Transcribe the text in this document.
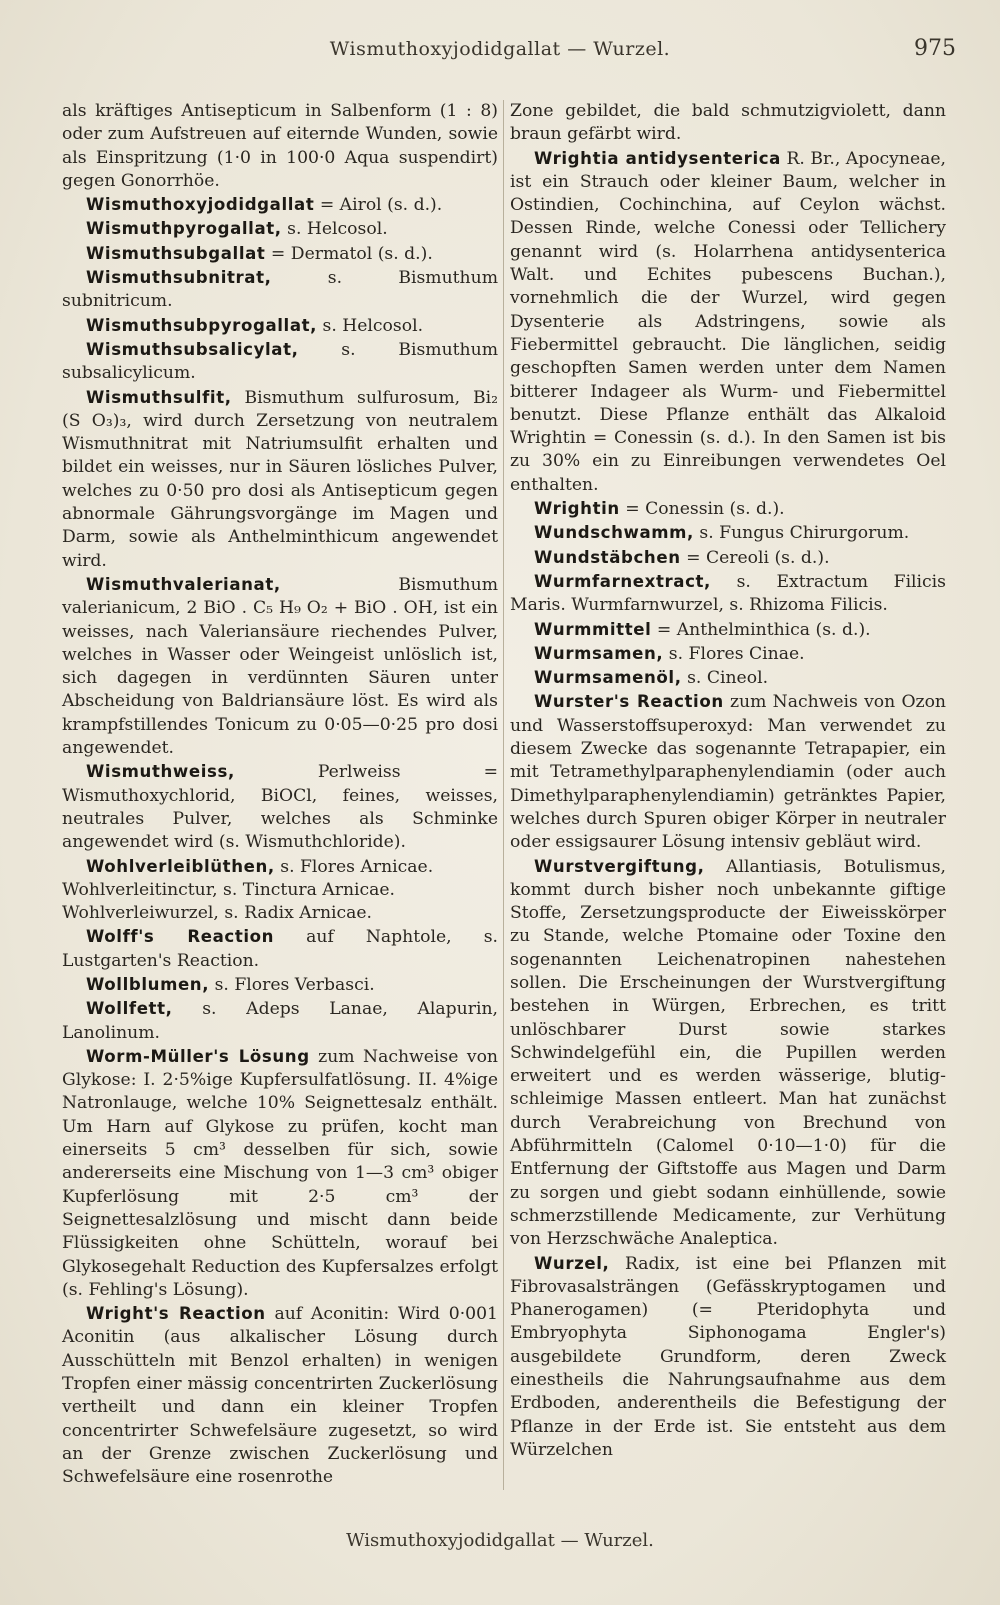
Wismuthoxyjodidgallat — Wurzel.	975

als kräftiges Antisepticum in Salbenform (1 : 8) oder zum Aufstreuen auf eiternde Wunden, sowie als Einspritzung (1·0 in 100·0 Aqua suspendirt) gegen Gonorrhöe.

Wismuthoxyjodidgallat = Airol (s. d.).

Wismuthpyrogallat, s. Helcosol.

Wismuthsubgallat = Dermatol (s. d.).

Wismuthsubnitrat, s. Bismuthum subnitricum.

Wismuthsubpyrogallat, s. Helcosol.

Wismuthsubsalicylat, s. Bismuthum subsalicylicum.

Wismuthsulfit, Bismuthum sulfurosum, Bi₂ (S O₃)₃, wird durch Zersetzung von neutralem Wismuthnitrat mit Natriumsulfit erhalten und bildet ein weisses, nur in Säuren lösliches Pulver, welches zu 0·50 pro dosi als Antisepticum gegen abnormale Gährungsvorgänge im Magen und Darm, sowie als Anthelminthicum angewendet wird.

Wismuthvalerianat, Bismuthum valerianicum, 2 BiO . C₅ H₉ O₂ + BiO . OH, ist ein weisses, nach Valeriansäure riechendes Pulver, welches in Wasser oder Weingeist unlöslich ist, sich dagegen in verdünnten Säuren unter Abscheidung von Baldriansäure löst. Es wird als krampfstillendes Tonicum zu 0·05—0·25 pro dosi angewendet.

Wismuthweiss, Perlweiss = Wismuthoxychlorid, BiOCl, feines, weisses, neutrales Pulver, welches als Schminke angewendet wird (s. Wismuthchloride).

Wohlverleiblüthen, s. Flores Arnicae.

Wohlverleitinctur, s. Tinctura Arnicae.

Wohlverleiwurzel, s. Radix Arnicae.

Wolff's Reaction auf Naphtole, s. Lustgarten's Reaction.

Wollblumen, s. Flores Verbasci.

Wollfett, s. Adeps Lanae, Alapurin, Lanolinum.

Worm-Müller's Lösung zum Nachweise von Glykose: I. 2·5%ige Kupfersulfatlösung. II. 4%ige Natronlauge, welche 10% Seignettesalz enthält. Um Harn auf Glykose zu prüfen, kocht man einerseits 5 cm³ desselben für sich, sowie andererseits eine Mischung von 1—3 cm³ obiger Kupferlösung mit 2·5 cm³ der Seignettesalzlösung und mischt dann beide Flüssigkeiten ohne Schütteln, worauf bei Glykosegehalt Reduction des Kupfersalzes erfolgt (s. Fehling's Lösung).

Wright's Reaction auf Aconitin: Wird 0·001 Aconitin (aus alkalischer Lösung durch Ausschütteln mit Benzol erhalten) in wenigen Tropfen einer mässig concentrirten Zuckerlösung vertheilt und dann ein kleiner Tropfen concentrirter Schwefelsäure zugesetzt, so wird an der Grenze zwischen Zuckerlösung und Schwefelsäure eine rosenrothe

Zone gebildet, die bald schmutzigviolett, dann braun gefärbt wird.

Wrightia antidysenterica R. Br., Apocyneae, ist ein Strauch oder kleiner Baum, welcher in Ostindien, Cochinchina, auf Ceylon wächst. Dessen Rinde, welche Conessi oder Tellichery genannt wird (s. Holarrhena antidysenterica Walt. und Echites pubescens Buchan.), vornehmlich die der Wurzel, wird gegen Dysenterie als Adstringens, sowie als Fiebermittel gebraucht. Die länglichen, seidig geschopften Samen werden unter dem Namen bitterer Indageer als Wurm- und Fiebermittel benutzt. Diese Pflanze enthält das Alkaloid Wrightin = Conessin (s. d.). In den Samen ist bis zu 30% ein zu Einreibungen verwendetes Oel enthalten.

Wrightin = Conessin (s. d.).

Wundschwamm, s. Fungus Chirurgorum.

Wundstäbchen = Cereoli (s. d.).

Wurmfarnextract, s. Extractum Filicis Maris. Wurmfarnwurzel, s. Rhizoma Filicis.

Wurmmittel = Anthelminthica (s. d.).

Wurmsamen, s. Flores Cinae.

Wurmsamenöl, s. Cineol.

Wurster's Reaction zum Nachweis von Ozon und Wasserstoffsuperoxyd: Man verwendet zu diesem Zwecke das sogenannte Tetrapapier, ein mit Tetramethylparaphenylendiamin (oder auch Dimethylparaphenylendiamin) getränktes Papier, welches durch Spuren obiger Körper in neutraler oder essigsaurer Lösung intensiv gebläut wird.

Wurstvergiftung, Allantiasis, Botulismus, kommt durch bisher noch unbekannte giftige Stoffe, Zersetzungsproducte der Eiweisskörper zu Stande, welche Ptomaine oder Toxine den sogenannten Leichenatropinen nahestehen sollen. Die Erscheinungen der Wurstvergiftung bestehen in Würgen, Erbrechen, es tritt unlöschbarer Durst sowie starkes Schwindelgefühl ein, die Pupillen werden erweitert und es werden wässerige, blutig-schleimige Massen entleert. Man hat zunächst durch Verabreichung von Brechund von Abführmitteln (Calomel 0·10—1·0) für die Entfernung der Giftstoffe aus Magen und Darm zu sorgen und giebt sodann einhüllende, sowie schmerzstillende Medicamente, zur Verhütung von Herzschwäche Analeptica.

Wurzel, Radix, ist eine bei Pflanzen mit Fibrovasalsträngen (Gefässkryptogamen und Phanerogamen) (= Pteridophyta und Embryophyta Siphonogama Engler's) ausgebildete Grundform, deren Zweck einestheils die Nahrungsaufnahme aus dem Erdboden, anderentheils die Befestigung der Pflanze in der Erde ist. Sie entsteht aus dem Würzelchen

Wismuthoxyjodidgallat — Wurzel.
